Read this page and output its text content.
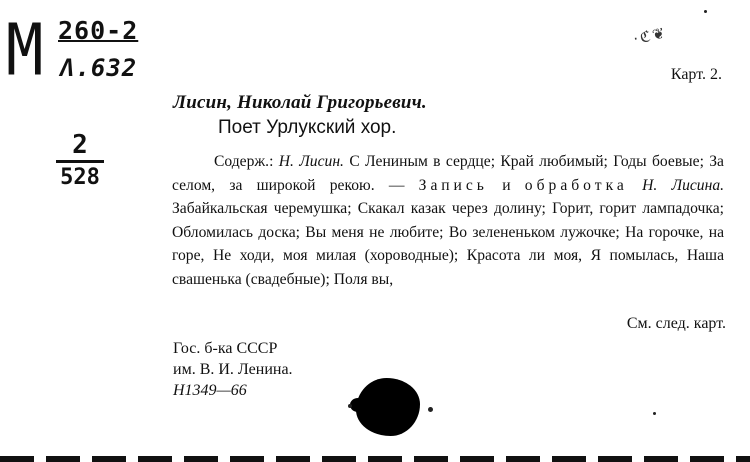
М 260-2
Λ.632
2
528
·ℭ❦
Карт. 2.
Лисин, Николай Григорьевич.
Поет Урлукский хор.
Содерж.: Н. Лисин. С Лениным в сердце; Край любимый; Годы боевые; За селом, за широкой рекою. — Запись и обработка Н. Лисина. Забайкальская черемушка; Скакал казак через долину; Горит, горит лампадочка; Обломилась доска; Вы меня не любите; Во зелененьком лужочке; На горочке, на горе, Не ходи, моя милая (хороводные); Красота ли моя, Я помылась, Наша свашенька (свадебные); Поля вы,
См. след. карт.
Гос. б-ка СССР
им. В. И. Ленина.
Н1349—66
